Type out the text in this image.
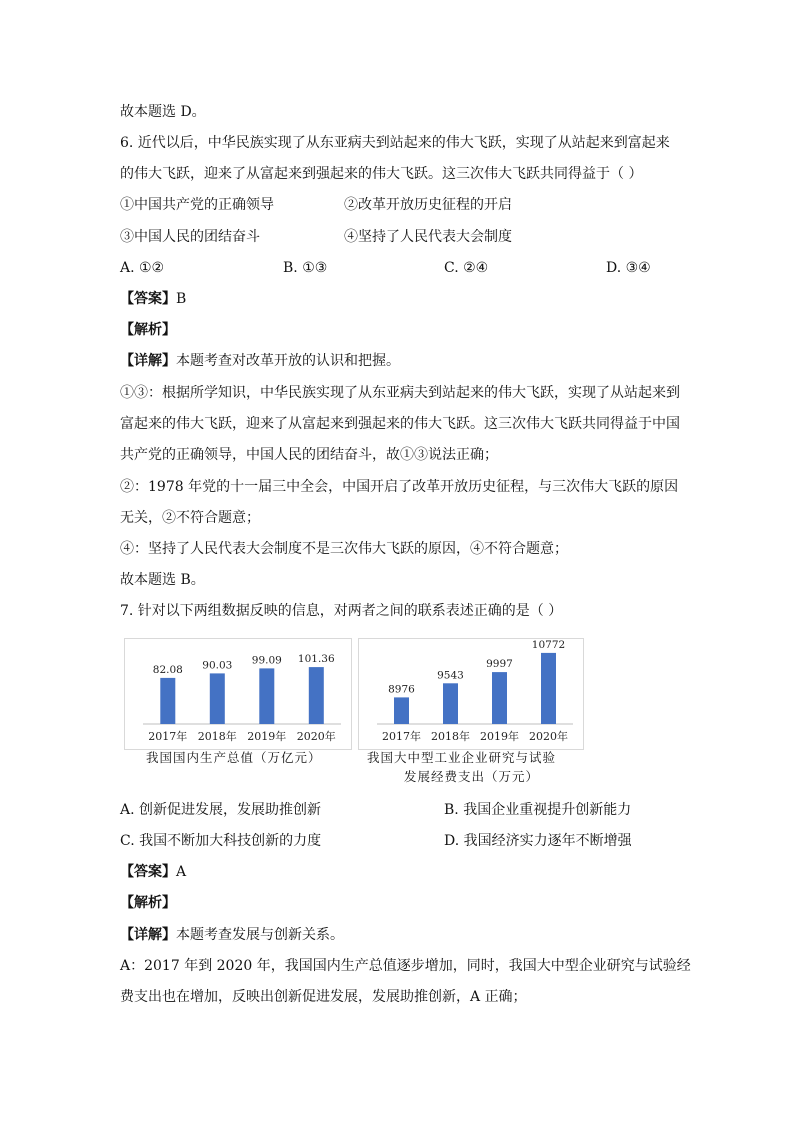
故本题选 D。
6. 近代以后，中华民族实现了从东亚病夫到站起来的伟大飞跃，实现了从站起来到富起来
的伟大飞跃，迎来了从富起来到强起来的伟大飞跃。这三次伟大飞跃共同得益于（ ）
①中国共产党的正确领导	②改革开放历史征程的开启
③中国人民的团结奋斗	④坚持了人民代表大会制度
A. ①②	B. ①③	C. ②④	D. ③④
【答案】B
【解析】
【详解】本题考查对改革开放的认识和把握。
①③：根据所学知识，中华民族实现了从东亚病夫到站起来的伟大飞跃，实现了从站起来到
富起来的伟大飞跃，迎来了从富起来到强起来的伟大飞跃。这三次伟大飞跃共同得益于中国
共产党的正确领导，中国人民的团结奋斗，故①③说法正确；
②：1978 年党的十一届三中全会，中国开启了改革开放历史征程，与三次伟大飞跃的原因
无关，②不符合题意；
④：坚持了人民代表大会制度不是三次伟大飞跃的原因，④不符合题意；
故本题选 B。
7. 针对以下两组数据反映的信息，对两者之间的联系表述正确的是（ ）
82.08
2017年
90.03
2018年
99.09
2019年
101.36
2020年
我国国内生产总值（万亿元）
8976
2017年
9543
2018年
9997
2019年
10772
2020年
我国大中型工业企业研究与试验
发展经费支出（万元）
A. 创新促进发展，发展助推创新	B. 我国企业重视提升创新能力
C. 我国不断加大科技创新的力度	D. 我国经济实力逐年不断增强
【答案】A
【解析】
【详解】本题考查发展与创新关系。
A：2017 年到 2020 年，我国国内生产总值逐步增加，同时，我国大中型企业研究与试验经
费支出也在增加，反映出创新促进发展，发展助推创新，A 正确；
